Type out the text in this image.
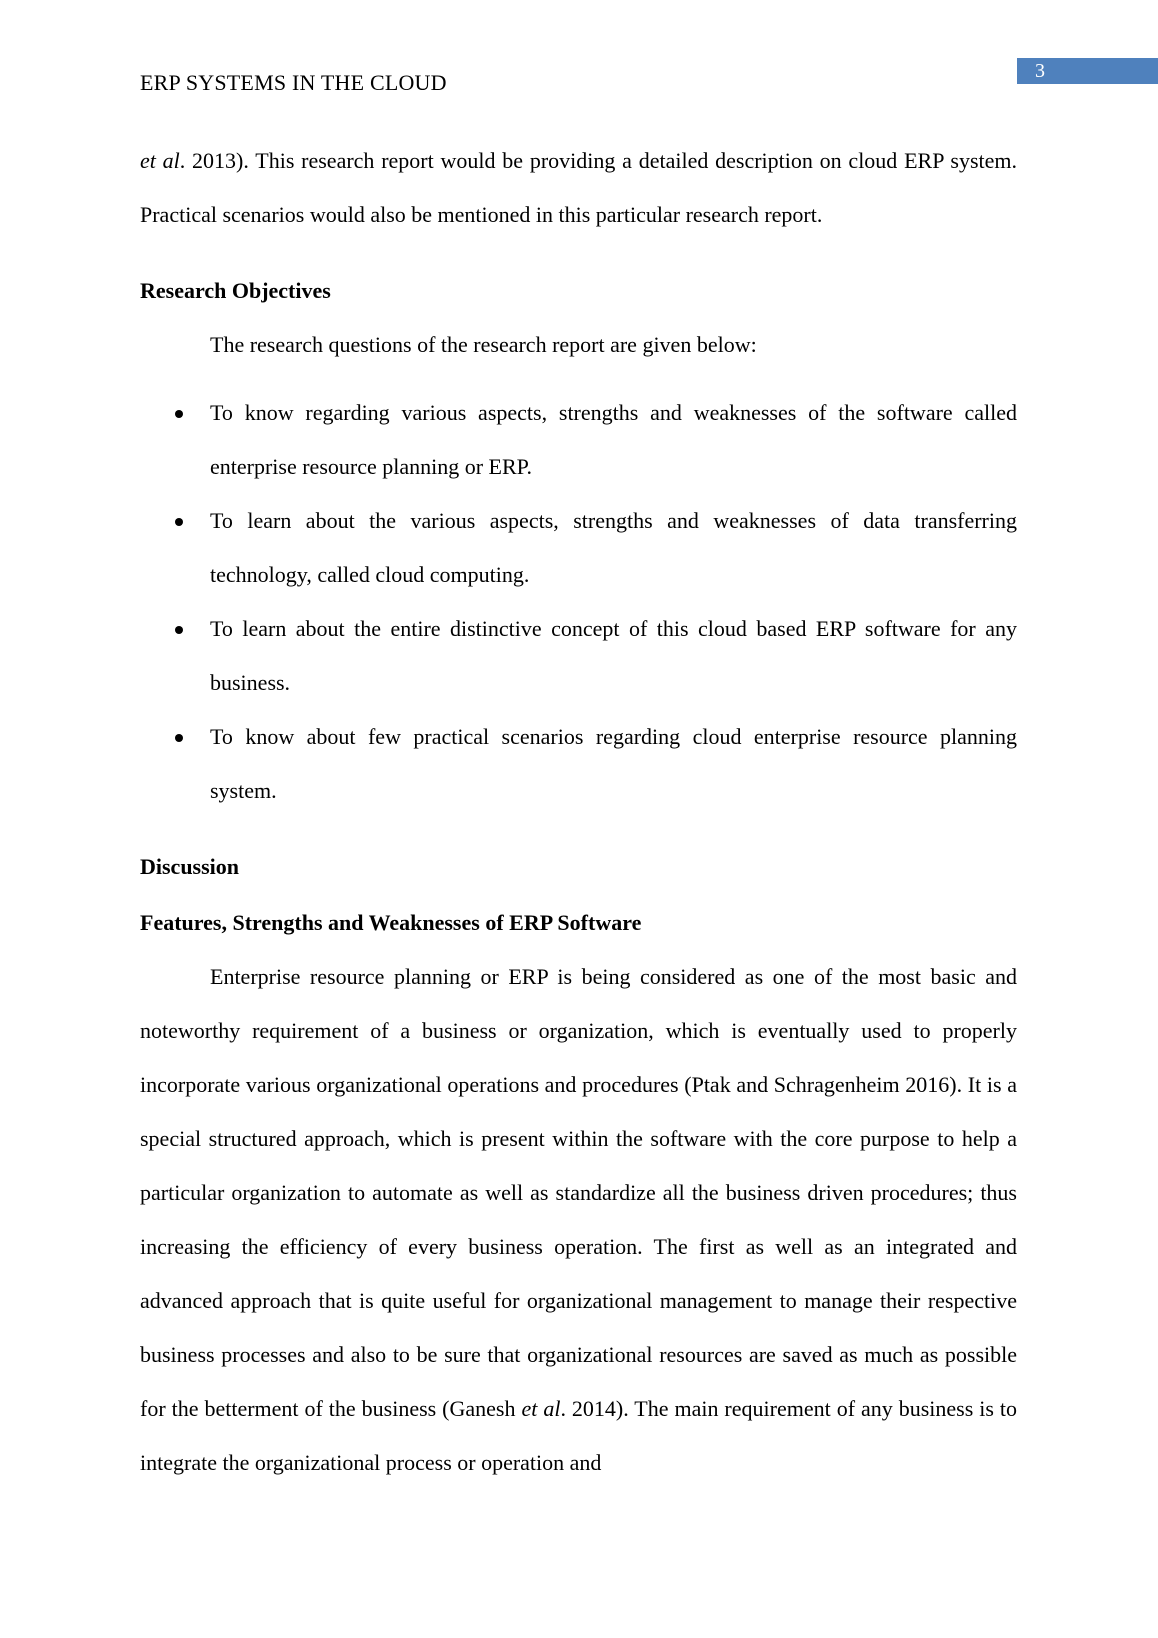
3
ERP SYSTEMS IN THE CLOUD

et al. 2013). This research report would be providing a detailed description on cloud ERP system. Practical scenarios would also be mentioned in this particular research report.

Research Objectives

The research questions of the research report are given below:

To know regarding various aspects, strengths and weaknesses of the software called enterprise resource planning or ERP.
To learn about the various aspects, strengths and weaknesses of data transferring technology, called cloud computing.
To learn about the entire distinctive concept of this cloud based ERP software for any business.
To know about few practical scenarios regarding cloud enterprise resource planning system.

Discussion

Features, Strengths and Weaknesses of ERP Software

Enterprise resource planning or ERP is being considered as one of the most basic and noteworthy requirement of a business or organization, which is eventually used to properly incorporate various organizational operations and procedures (Ptak and Schragenheim 2016). It is a special structured approach, which is present within the software with the core purpose to help a particular organization to automate as well as standardize all the business driven procedures; thus increasing the efficiency of every business operation. The first as well as an integrated and advanced approach that is quite useful for organizational management to manage their respective business processes and also to be sure that organizational resources are saved as much as possible for the betterment of the business (Ganesh et al. 2014). The main requirement of any business is to integrate the organizational process or operation and
